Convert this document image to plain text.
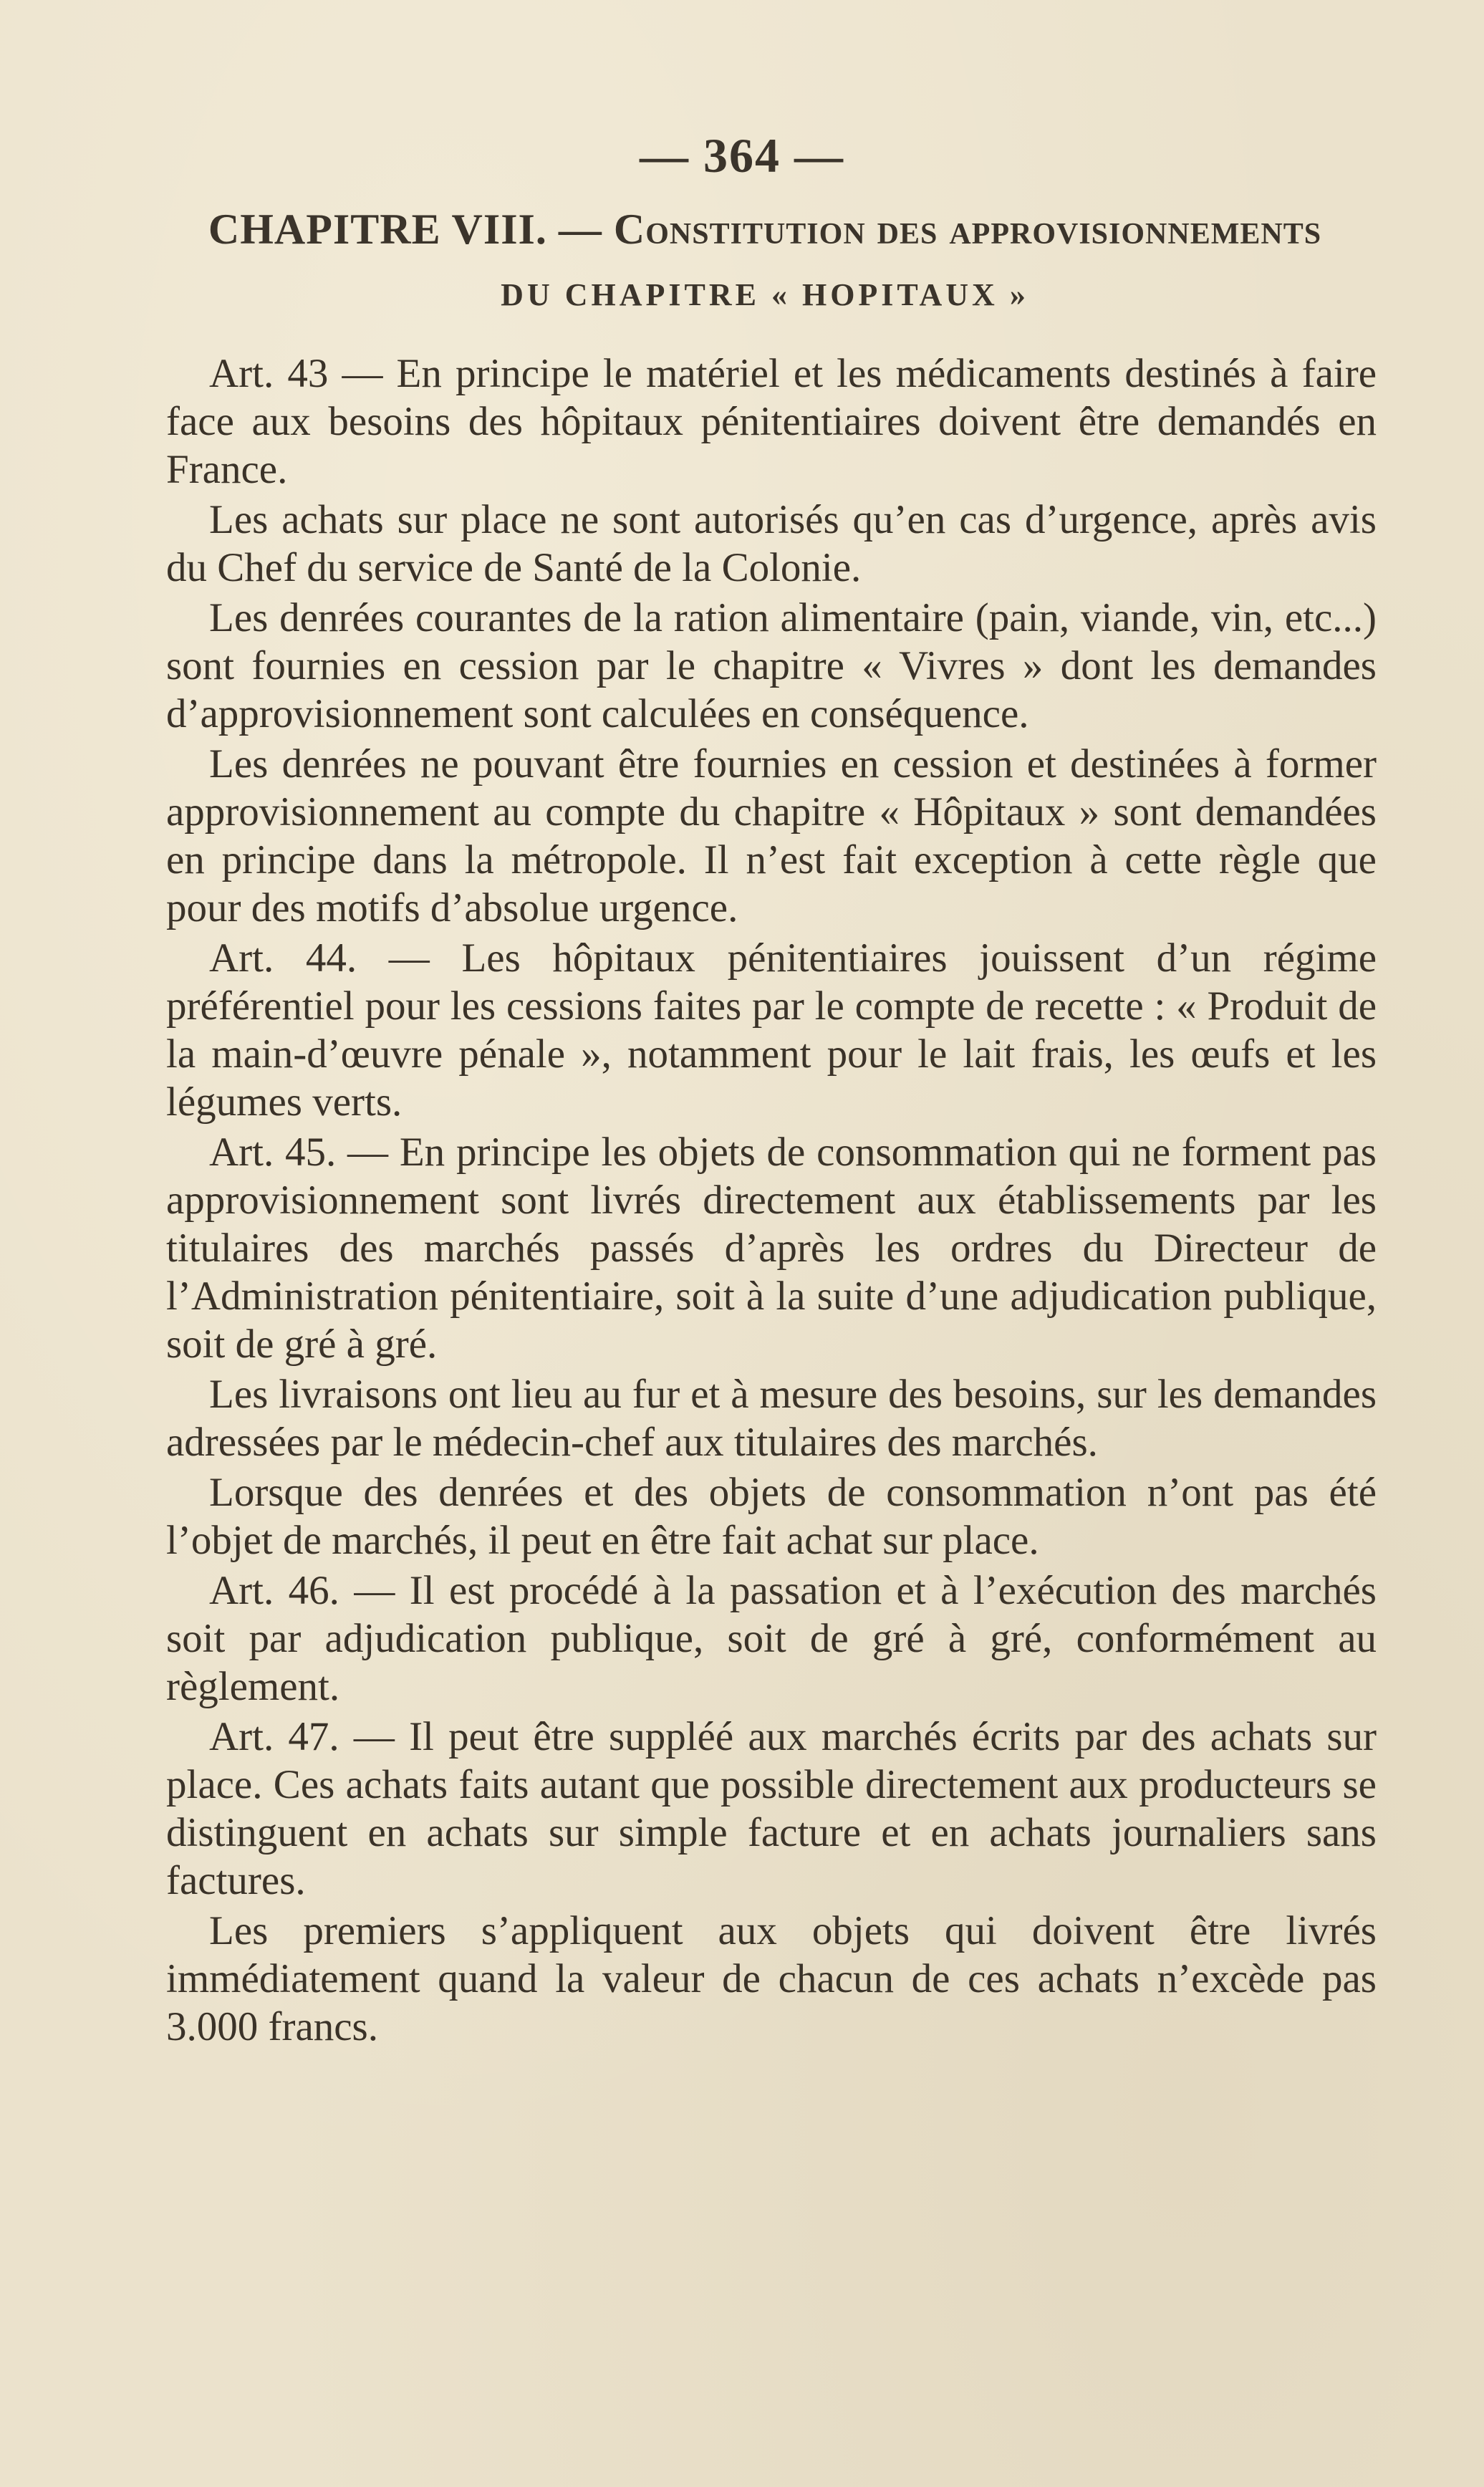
— 364 —
CHAPITRE VIII. — Constitution des approvisionnements
DU CHAPITRE « HOPITAUX »

Art. 43 — En principe le matériel et les médicaments destinés à faire face aux besoins des hôpitaux pénitentiaires doivent être demandés en France.

Les achats sur place ne sont autorisés qu’en cas d’urgence, après avis du Chef du service de Santé de la Colonie.

Les denrées courantes de la ration alimentaire (pain, viande, vin, etc...) sont fournies en cession par le chapitre « Vivres » dont les demandes d’approvisionnement sont calculées en conséquence.

Les denrées ne pouvant être fournies en cession et destinées à former approvisionnement au compte du chapitre « Hôpitaux » sont demandées en principe dans la métropole. Il n’est fait exception à cette règle que pour des motifs d’absolue urgence.

Art. 44. — Les hôpitaux pénitentiaires jouissent d’un régime préférentiel pour les cessions faites par le compte de recette : « Produit de la main-d’œuvre pénale », notamment pour le lait frais, les œufs et les légumes verts.

Art. 45. — En principe les objets de consommation qui ne forment pas approvisionnement sont livrés directement aux établissements par les titulaires des marchés passés d’après les ordres du Directeur de l’Administration pénitentiaire, soit à la suite d’une adjudication publique, soit de gré à gré.

Les livraisons ont lieu au fur et à mesure des besoins, sur les demandes adressées par le médecin-chef aux titulaires des marchés.

Lorsque des denrées et des objets de consommation n’ont pas été l’objet de marchés, il peut en être fait achat sur place.

Art. 46. — Il est procédé à la passation et à l’exécution des marchés soit par adjudication publique, soit de gré à gré, conformément au règlement.

Art. 47. — Il peut être suppléé aux marchés écrits par des achats sur place. Ces achats faits autant que possible directement aux producteurs se distinguent en achats sur simple facture et en achats journaliers sans factures.

Les premiers s’appliquent aux objets qui doivent être livrés immédiatement quand la valeur de chacun de ces achats n’excède pas 3.000 francs.
